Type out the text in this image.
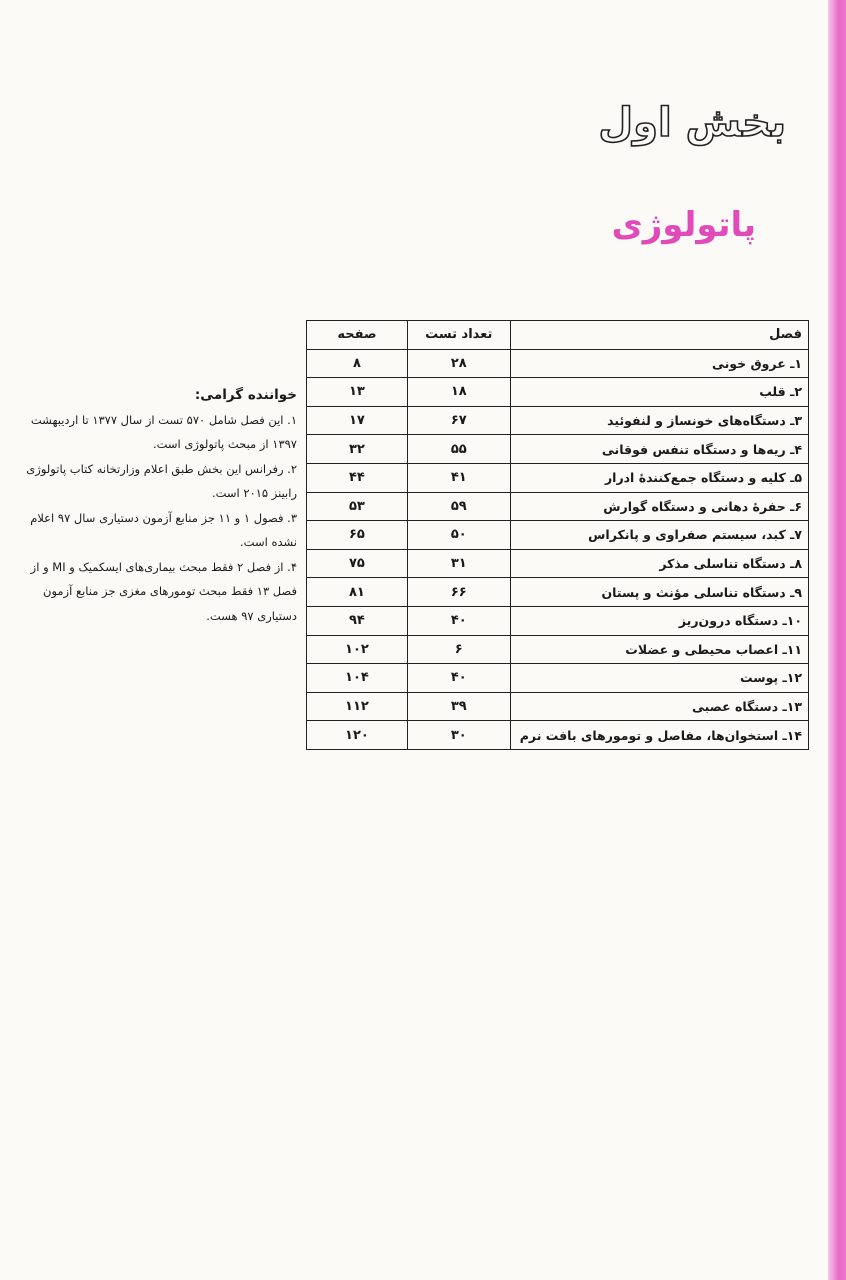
بخش اول
پاتولوژی
فصل	تعداد تست	صفحه
۱ـ عروق خونی	۲۸	۸
۲ـ قلب	۱۸	۱۳
۳ـ دستگاه‌های خونساز و لنفوئید	۶۷	۱۷
۴ـ ریه‌ها و دستگاه تنفس فوقانی	۵۵	۳۲
۵ـ کلیه و دستگاه جمع‌کنندهٔ ادرار	۴۱	۴۴
۶ـ حفرهٔ دهانی و دستگاه گوارش	۵۹	۵۳
۷ـ کبد، سیستم صفراوی و پانکراس	۵۰	۶۵
۸ـ دستگاه تناسلی مذکر	۳۱	۷۵
۹ـ دستگاه تناسلی مؤنث و پستان	۶۶	۸۱
۱۰ـ دستگاه درون‌ریز	۴۰	۹۴
۱۱ـ اعصاب محیطی و عضلات	۶	۱۰۲
۱۲ـ پوست	۴۰	۱۰۴
۱۳ـ دستگاه عصبی	۳۹	۱۱۲
۱۴ـ استخوان‌ها، مفاصل و تومورهای بافت نرم	۳۰	۱۲۰
خواننده گرامی:

۱. این فصل شامل ۵۷۰ تست از سال ۱۳۷۷ تا اردیبهشت ۱۳۹۷ از مبحث پاتولوژی است.

۲. رفرانس این بخش طبق اعلام وزارتخانه کتاب پاتولوژی رابینز ۲۰۱۵ است.

۳. فصول ۱ و ۱۱ جز منابع آزمون دستیاری سال ۹۷ اعلام نشده است.

۴. از فصل ۲ فقط مبحث بیماری‌های ایسکمیک و MI و از فصل ۱۳ فقط مبحث تومورهای مغزی جز منابع آزمون دستیاری ۹۷ هست.
